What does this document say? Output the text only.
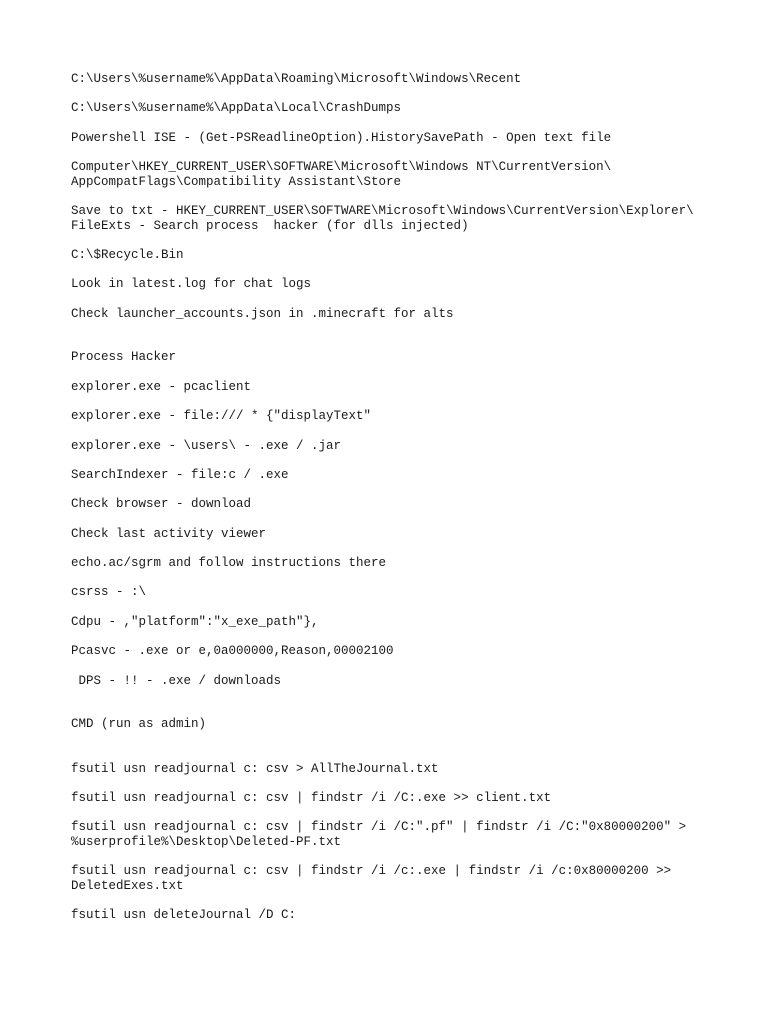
C:\Users\%username%\AppData\Roaming\Microsoft\Windows\Recent

C:\Users\%username%\AppData\Local\CrashDumps

Powershell ISE - (Get-PSReadlineOption).HistorySavePath - Open text file

Computer\HKEY_CURRENT_USER\SOFTWARE\Microsoft\Windows NT\CurrentVersion\

AppCompatFlags\Compatibility Assistant\Store

Save to txt - HKEY_CURRENT_USER\SOFTWARE\Microsoft\Windows\CurrentVersion\Explorer\

FileExts - Search process  hacker (for dlls injected)

C:\$Recycle.Bin

Look in latest.log for chat logs

Check launcher_accounts.json in .minecraft for alts

Process Hacker

explorer.exe - pcaclient

explorer.exe - file:/// * {"displayText"

explorer.exe - \users\ - .exe / .jar

SearchIndexer - file:c / .exe

Check browser - download

Check last activity viewer

echo.ac/sgrm and follow instructions there

csrss - :\

Cdpu - ,"platform":"x_exe_path"},

Pcasvc - .exe or e,0a000000,Reason,00002100

DPS - !! - .exe / downloads

CMD (run as admin)

fsutil usn readjournal c: csv > AllTheJournal.txt

fsutil usn readjournal c: csv | findstr /i /C:.exe >> client.txt

fsutil usn readjournal c: csv | findstr /i /C:".pf" | findstr /i /C:"0x80000200" >

%userprofile%\Desktop\Deleted-PF.txt

fsutil usn readjournal c: csv | findstr /i /c:.exe | findstr /i /c:0x80000200 >>

DeletedExes.txt

fsutil usn deleteJournal /D C:
